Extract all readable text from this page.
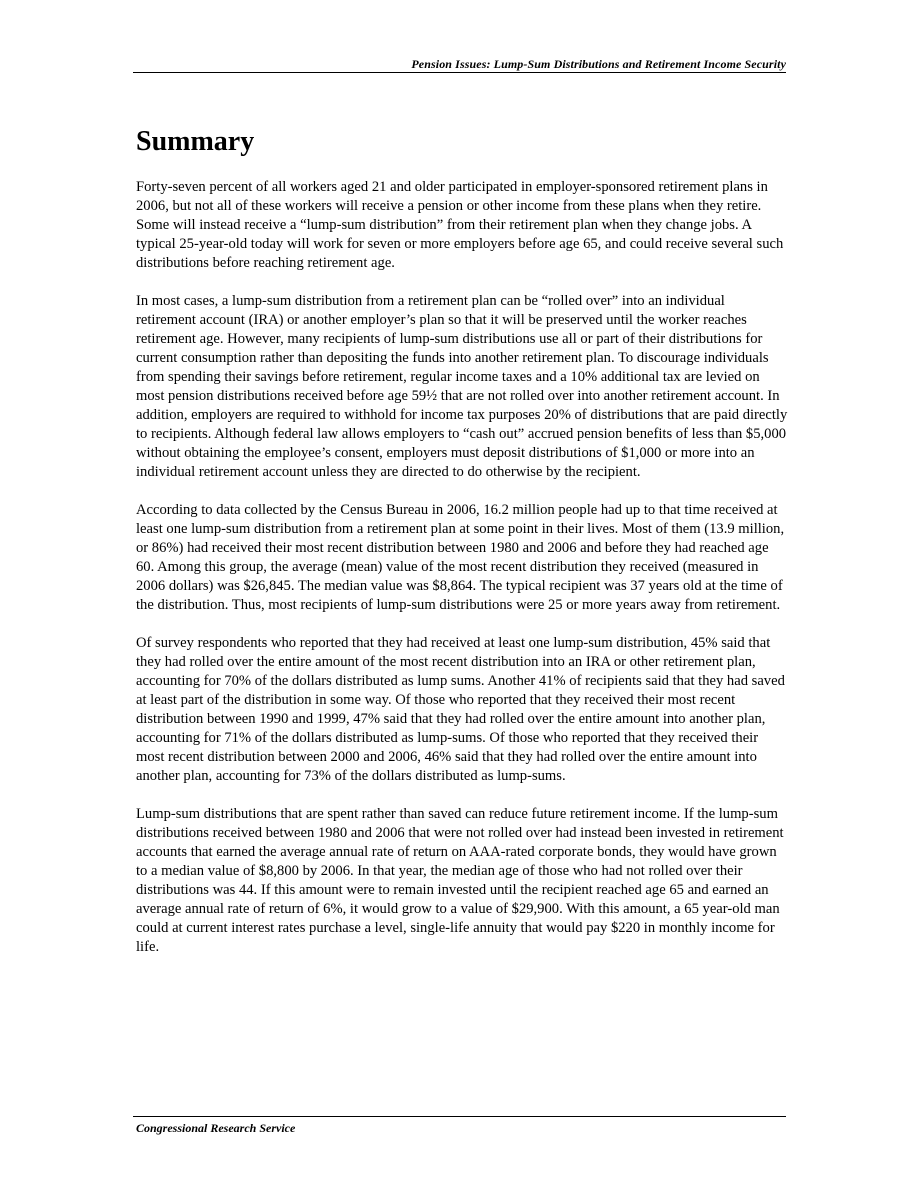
Pension Issues: Lump-Sum Distributions and Retirement Income Security
Summary

Forty-seven percent of all workers aged 21 and older participated in employer-sponsored retirement plans in 2006, but not all of these workers will receive a pension or other income from these plans when they retire. Some will instead receive a “lump-sum distribution” from their retirement plan when they change jobs. A typical 25-year-old today will work for seven or more employers before age 65, and could receive several such distributions before reaching retirement age.

In most cases, a lump-sum distribution from a retirement plan can be “rolled over” into an individual retirement account (IRA) or another employer’s plan so that it will be preserved until the worker reaches retirement age. However, many recipients of lump-sum distributions use all or part of their distributions for current consumption rather than depositing the funds into another retirement plan. To discourage individuals from spending their savings before retirement, regular income taxes and a 10% additional tax are levied on most pension distributions received before age 59½ that are not rolled over into another retirement account. In addition, employers are required to withhold for income tax purposes 20% of distributions that are paid directly to recipients. Although federal law allows employers to “cash out” accrued pension benefits of less than $5,000 without obtaining the employee’s consent, employers must deposit distributions of $1,000 or more into an individual retirement account unless they are directed to do otherwise by the recipient.

According to data collected by the Census Bureau in 2006, 16.2 million people had up to that time received at least one lump-sum distribution from a retirement plan at some point in their lives. Most of them (13.9 million, or 86%) had received their most recent distribution between 1980 and 2006 and before they had reached age 60. Among this group, the average (mean) value of the most recent distribution they received (measured in 2006 dollars) was $26,845. The median value was $8,864. The typical recipient was 37 years old at the time of the distribution. Thus, most recipients of lump-sum distributions were 25 or more years away from retirement.

Of survey respondents who reported that they had received at least one lump-sum distribution, 45% said that they had rolled over the entire amount of the most recent distribution into an IRA or other retirement plan, accounting for 70% of the dollars distributed as lump sums. Another 41% of recipients said that they had saved at least part of the distribution in some way. Of those who reported that they received their most recent distribution between 1990 and 1999, 47% said that they had rolled over the entire amount into another plan, accounting for 71% of the dollars distributed as lump-sums. Of those who reported that they received their most recent distribution between 2000 and 2006, 46% said that they had rolled over the entire amount into another plan, accounting for 73% of the dollars distributed as lump-sums.

Lump-sum distributions that are spent rather than saved can reduce future retirement income. If the lump-sum distributions received between 1980 and 2006 that were not rolled over had instead been invested in retirement accounts that earned the average annual rate of return on AAA-rated corporate bonds, they would have grown to a median value of $8,800 by 2006. In that year, the median age of those who had not rolled over their distributions was 44. If this amount were to remain invested until the recipient reached age 65 and earned an average annual rate of return of 6%, it would grow to a value of $29,900. With this amount, a 65 year-old man could at current interest rates purchase a level, single-life annuity that would pay $220 in monthly income for life.

Congressional Research Service
